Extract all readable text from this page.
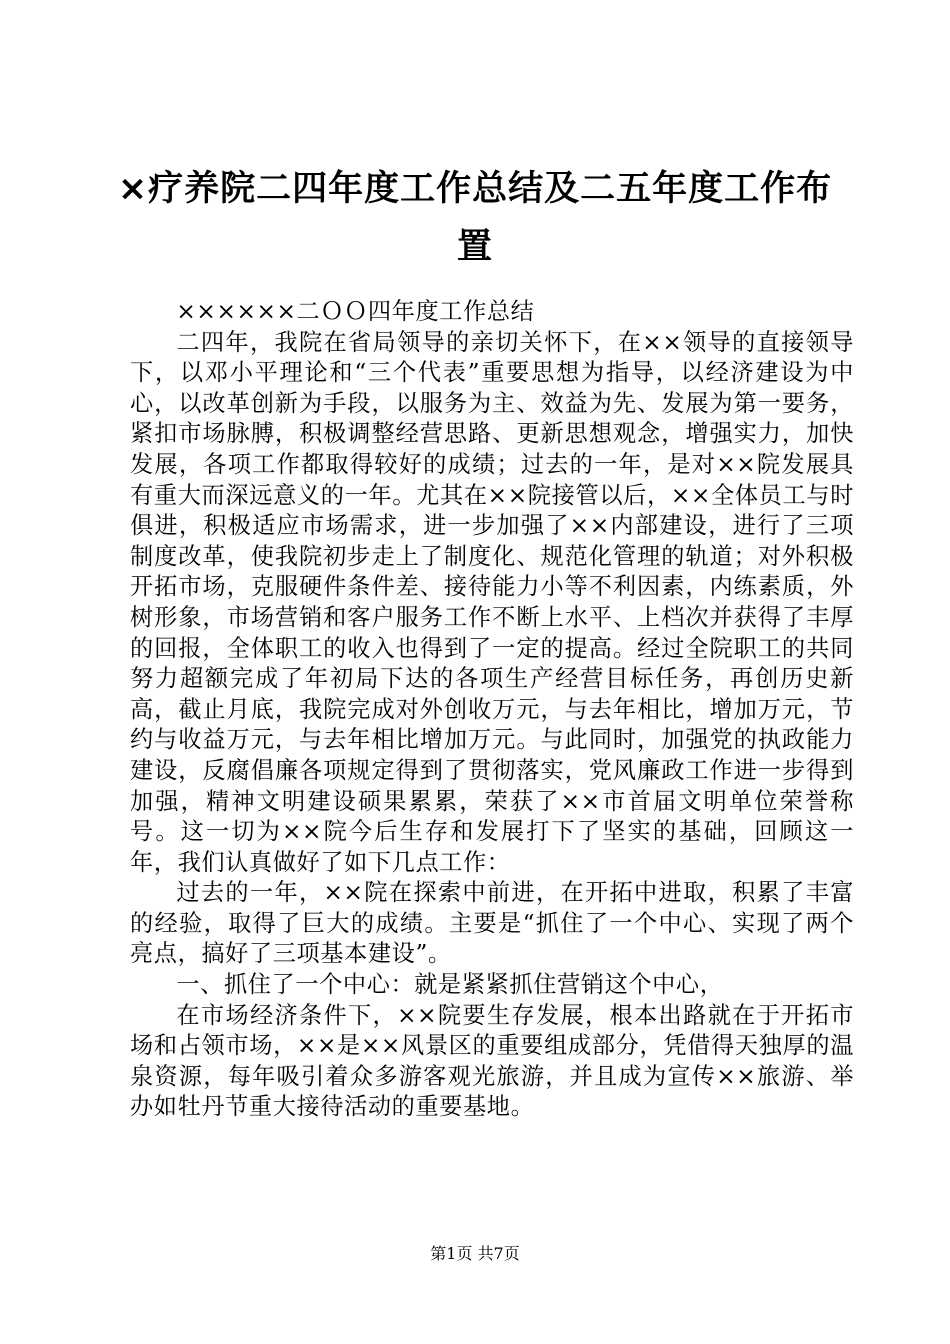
×疗养院二四年度工作总结及二五年度工作布置

××××××二ＯＯ四年度工作总结

二四年，我院在省局领导的亲切关怀下，在××领导的直接领导下，以邓小平理论和“三个代表”重要思想为指导，以经济建设为中心，以改革创新为手段，以服务为主、效益为先、发展为第一要务，紧扣市场脉膊，积极调整经营思路、更新思想观念，增强实力，加快发展，各项工作都取得较好的成绩；过去的一年，是对××院发展具有重大而深远意义的一年。尤其在××院接管以后，××全体员工与时俱进，积极适应市场需求，进一步加强了××内部建设，进行了三项制度改革，使我院初步走上了制度化、规范化管理的轨道；对外积极开拓市场，克服硬件条件差、接待能力小等不利因素，内练素质，外树形象，市场营销和客户服务工作不断上水平、上档次并获得了丰厚的回报，全体职工的收入也得到了一定的提高。经过全院职工的共同努力超额完成了年初局下达的各项生产经营目标任务，再创历史新高，截止月底，我院完成对外创收万元，与去年相比，增加万元，节约与收益万元，与去年相比增加万元。与此同时，加强党的执政能力建设，反腐倡廉各项规定得到了贯彻落实，党风廉政工作进一步得到加强，精神文明建设硕果累累，荣获了××市首届文明单位荣誉称号。这一切为××院今后生存和发展打下了坚实的基础，回顾这一年，我们认真做好了如下几点工作：

过去的一年，××院在探索中前进，在开拓中进取，积累了丰富的经验，取得了巨大的成绩。主要是“抓住了一个中心、实现了两个亮点，搞好了三项基本建设”。

一、抓住了一个中心：就是紧紧抓住营销这个中心，

在市场经济条件下，××院要生存发展，根本出路就在于开拓市场和占领市场，××是××风景区的重要组成部分，凭借得天独厚的温泉资源，每年吸引着众多游客观光旅游，并且成为宣传××旅游、举办如牡丹节重大接待活动的重要基地。

第1页 共7页
